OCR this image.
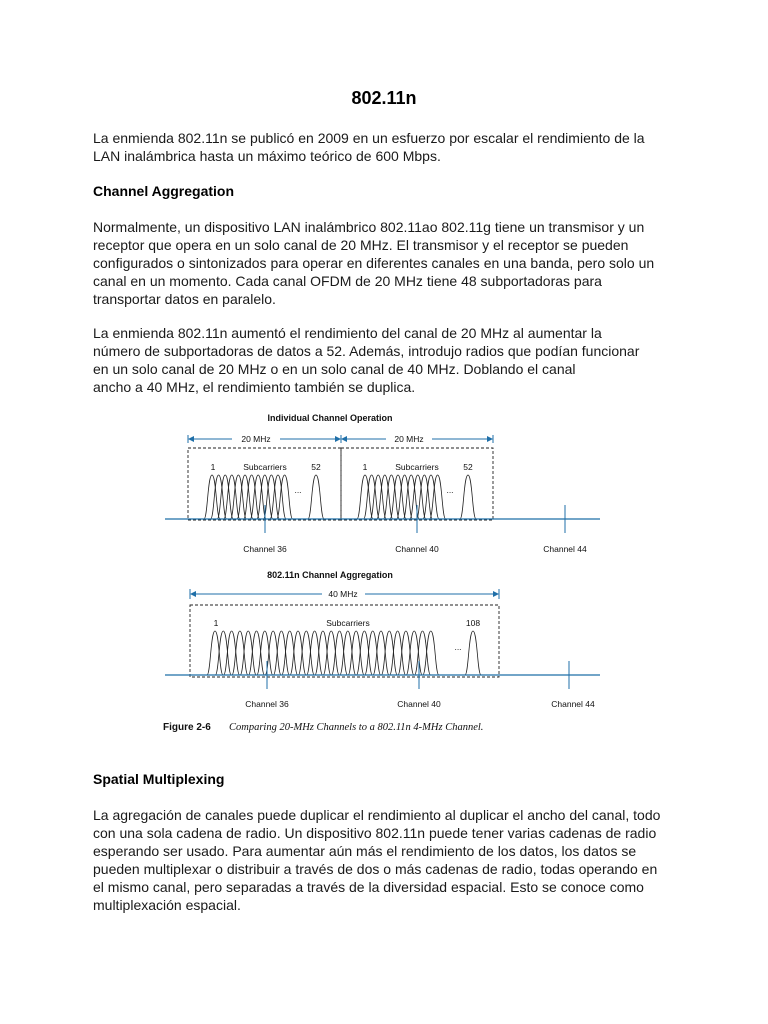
802.11n

La enmienda 802.11n se publicó en 2009 en un esfuerzo por escalar el rendimiento de la
LAN inalámbrica hasta un máximo teórico de 600 Mbps.

Channel Aggregation

Normalmente, un dispositivo LAN inalámbrico 802.11ao 802.11g tiene un transmisor y un
receptor que opera en un solo canal de 20 MHz. El transmisor y el receptor se pueden
configurados o sintonizados para operar en diferentes canales en una banda, pero solo un
canal en un momento. Cada canal OFDM de 20 MHz tiene 48 subportadoras para
transportar datos en paralelo.

La enmienda 802.11n aumentó el rendimiento del canal de 20 MHz al aumentar la
número de subportadoras de datos a 52. Además, introdujo radios que podían funcionar
en un solo canal de 20 MHz o en un solo canal de 40 MHz. Doblando el canal
ancho a 40 MHz, el rendimiento también se duplica.

Individual Channel Operation
20 MHz	20 MHz
1	Subcarriers	52	1	Subcarriers	52
...	...
Channel 36	Channel 40	Channel 44
802.11n Channel Aggregation
40 MHz
1	Subcarriers	108
...
Channel 36	Channel 40	Channel 44
Figure 2-6 Comparing 20-MHz Channels to a 802.11n 4-MHz Channel.
Spatial Multiplexing

La agregación de canales puede duplicar el rendimiento al duplicar el ancho del canal, todo
con una sola cadena de radio. Un dispositivo 802.11n puede tener varias cadenas de radio
esperando ser usado. Para aumentar aún más el rendimiento de los datos, los datos se
pueden multiplexar o distribuir a través de dos o más cadenas de radio, todas operando en
el mismo canal, pero separadas a través de la diversidad espacial. Esto se conoce como
multiplexación espacial.
